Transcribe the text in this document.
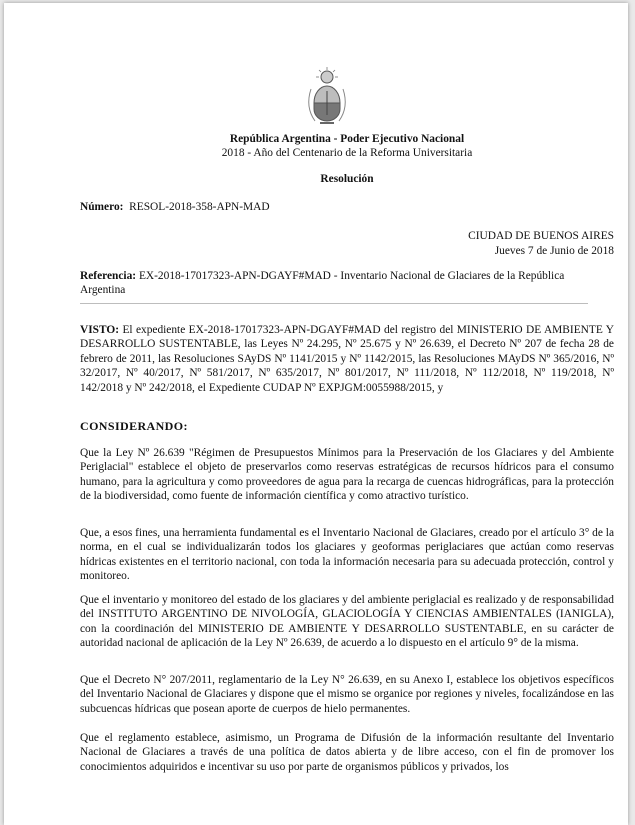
República Argentina - Poder Ejecutivo Nacional
2018 - Año del Centenario de la Reforma Universitaria
Resolución
Número: RESOL-2018-358-APN-MAD
CIUDAD DE BUENOS AIRES
Jueves 7 de Junio de 2018
Referencia: EX-2018-17017323-APN-DGAYF#MAD - Inventario Nacional de Glaciares de la República Argentina
VISTO: El expediente EX-2018-17017323-APN-DGAYF#MAD del registro del MINISTERIO DE AMBIENTE Y DESARROLLO SUSTENTABLE, las Leyes Nº 24.295, Nº 25.675 y Nº 26.639, el Decreto Nº 207 de fecha 28 de febrero de 2011, las Resoluciones SAyDS Nº 1141/2015 y Nº 1142/2015, las Resoluciones MAyDS Nº 365/2016, Nº 32/2017, Nº 40/2017, Nº 581/2017, Nº 635/2017, Nº 801/2017, Nº 111/2018, Nº 112/2018, Nº 119/2018, Nº 142/2018 y Nº 242/2018, el Expediente CUDAP Nº EXPJGM:0055988/2015, y
CONSIDERANDO:
Que la Ley Nº 26.639 "Régimen de Presupuestos Mínimos para la Preservación de los Glaciares y del Ambiente Periglacial" establece el objeto de preservarlos como reservas estratégicas de recursos hídricos para el consumo humano, para la agricultura y como proveedores de agua para la recarga de cuencas hidrográficas, para la protección de la biodiversidad, como fuente de información científica y como atractivo turístico.
Que, a esos fines, una herramienta fundamental es el Inventario Nacional de Glaciares, creado por el artículo 3° de la norma, en el cual se individualizarán todos los glaciares y geoformas periglaciares que actúan como reservas hídricas existentes en el territorio nacional, con toda la información necesaria para su adecuada protección, control y monitoreo.
Que el inventario y monitoreo del estado de los glaciares y del ambiente periglacial es realizado y de responsabilidad del INSTITUTO ARGENTINO DE NIVOLOGÍA, GLACIOLOGÍA Y CIENCIAS AMBIENTALES (IANIGLA), con la coordinación del MINISTERIO DE AMBIENTE Y DESARROLLO SUSTENTABLE, en su carácter de autoridad nacional de aplicación de la Ley Nº 26.639, de acuerdo a lo dispuesto en el artículo 9° de la misma.
Que el Decreto N° 207/2011, reglamentario de la Ley N° 26.639, en su Anexo I, establece los objetivos específicos del Inventario Nacional de Glaciares y dispone que el mismo se organice por regiones y niveles, focalizándose en las subcuencas hídricas que posean aporte de cuerpos de hielo permanentes.
Que el reglamento establece, asimismo, un Programa de Difusión de la información resultante del Inventario Nacional de Glaciares a través de una política de datos abierta y de libre acceso, con el fin de promover los conocimientos adquiridos e incentivar su uso por parte de organismos públicos y privados, los
